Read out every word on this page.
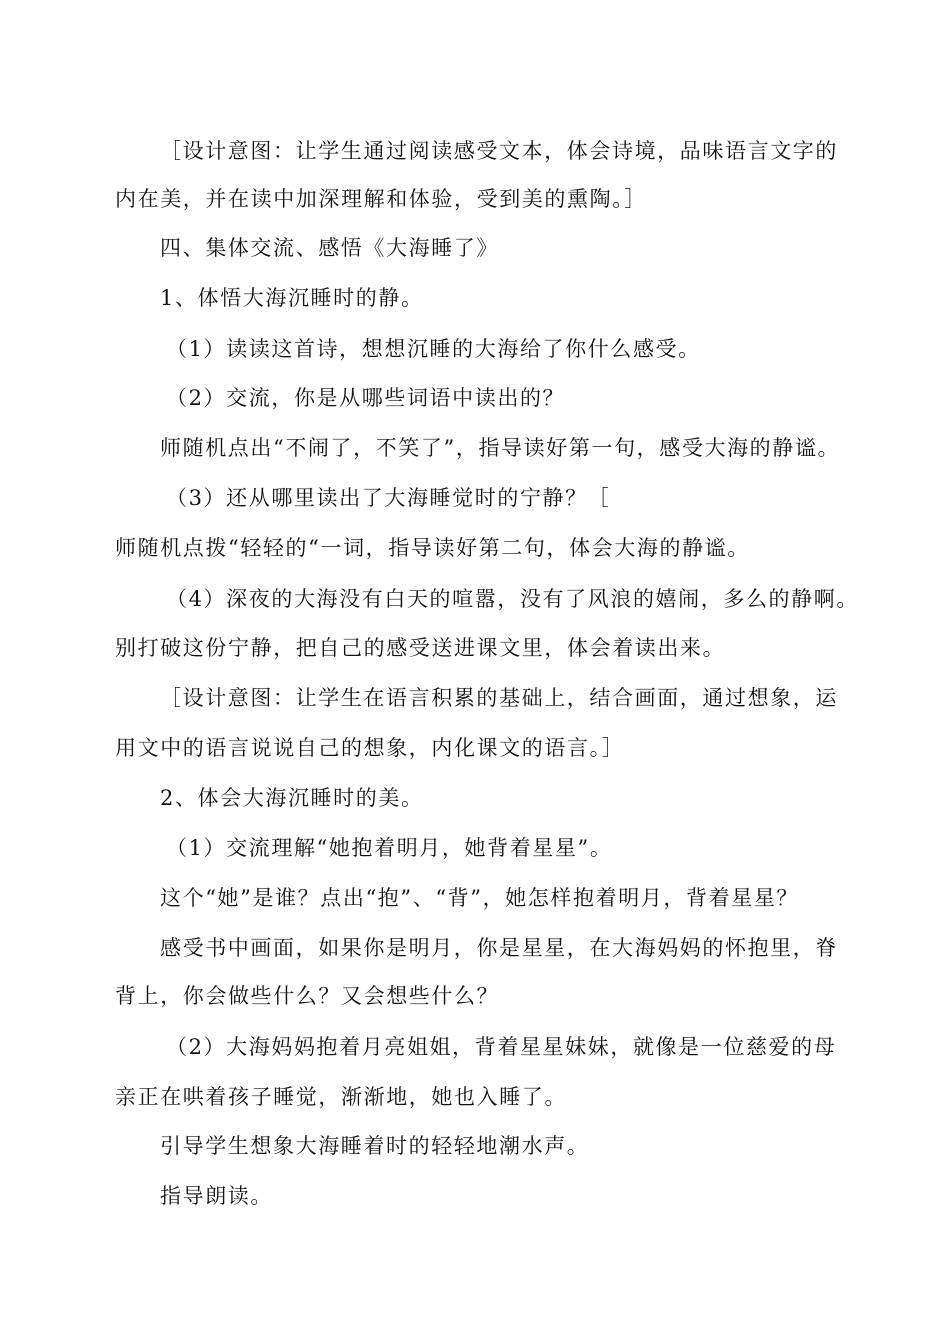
［设计意图：让学生通过阅读感受文本，体会诗境，品味语言文字的

内在美，并在读中加深理解和体验，受到美的熏陶。］

四、集体交流、感悟《大海睡了》

1、体悟大海沉睡时的静。

（1）读读这首诗，想想沉睡的大海给了你什么感受。

（2）交流，你是从哪些词语中读出的？

师随机点出“不闹了，不笑了”，指导读好第一句，感受大海的静谧。

（3）还从哪里读出了大海睡觉时的宁静？［

师随机点拨“轻轻的“一词，指导读好第二句，体会大海的静谧。

（4）深夜的大海没有白天的喧嚣，没有了风浪的嬉闹，多么的静啊。

别打破这份宁静，把自己的感受送进课文里，体会着读出来。

［设计意图：让学生在语言积累的基础上，结合画面，通过想象，运

用文中的语言说说自己的想象，内化课文的语言。］

2、体会大海沉睡时的美。

（1）交流理解“她抱着明月，她背着星星”。

这个“她”是谁？点出“抱”、“背”，她怎样抱着明月，背着星星？

感受书中画面，如果你是明月，你是星星，在大海妈妈的怀抱里，脊

背上，你会做些什么？又会想些什么？

（2）大海妈妈抱着月亮姐姐，背着星星妹妹，就像是一位慈爱的母

亲正在哄着孩子睡觉，渐渐地，她也入睡了。

引导学生想象大海睡着时的轻轻地潮水声。

指导朗读。
